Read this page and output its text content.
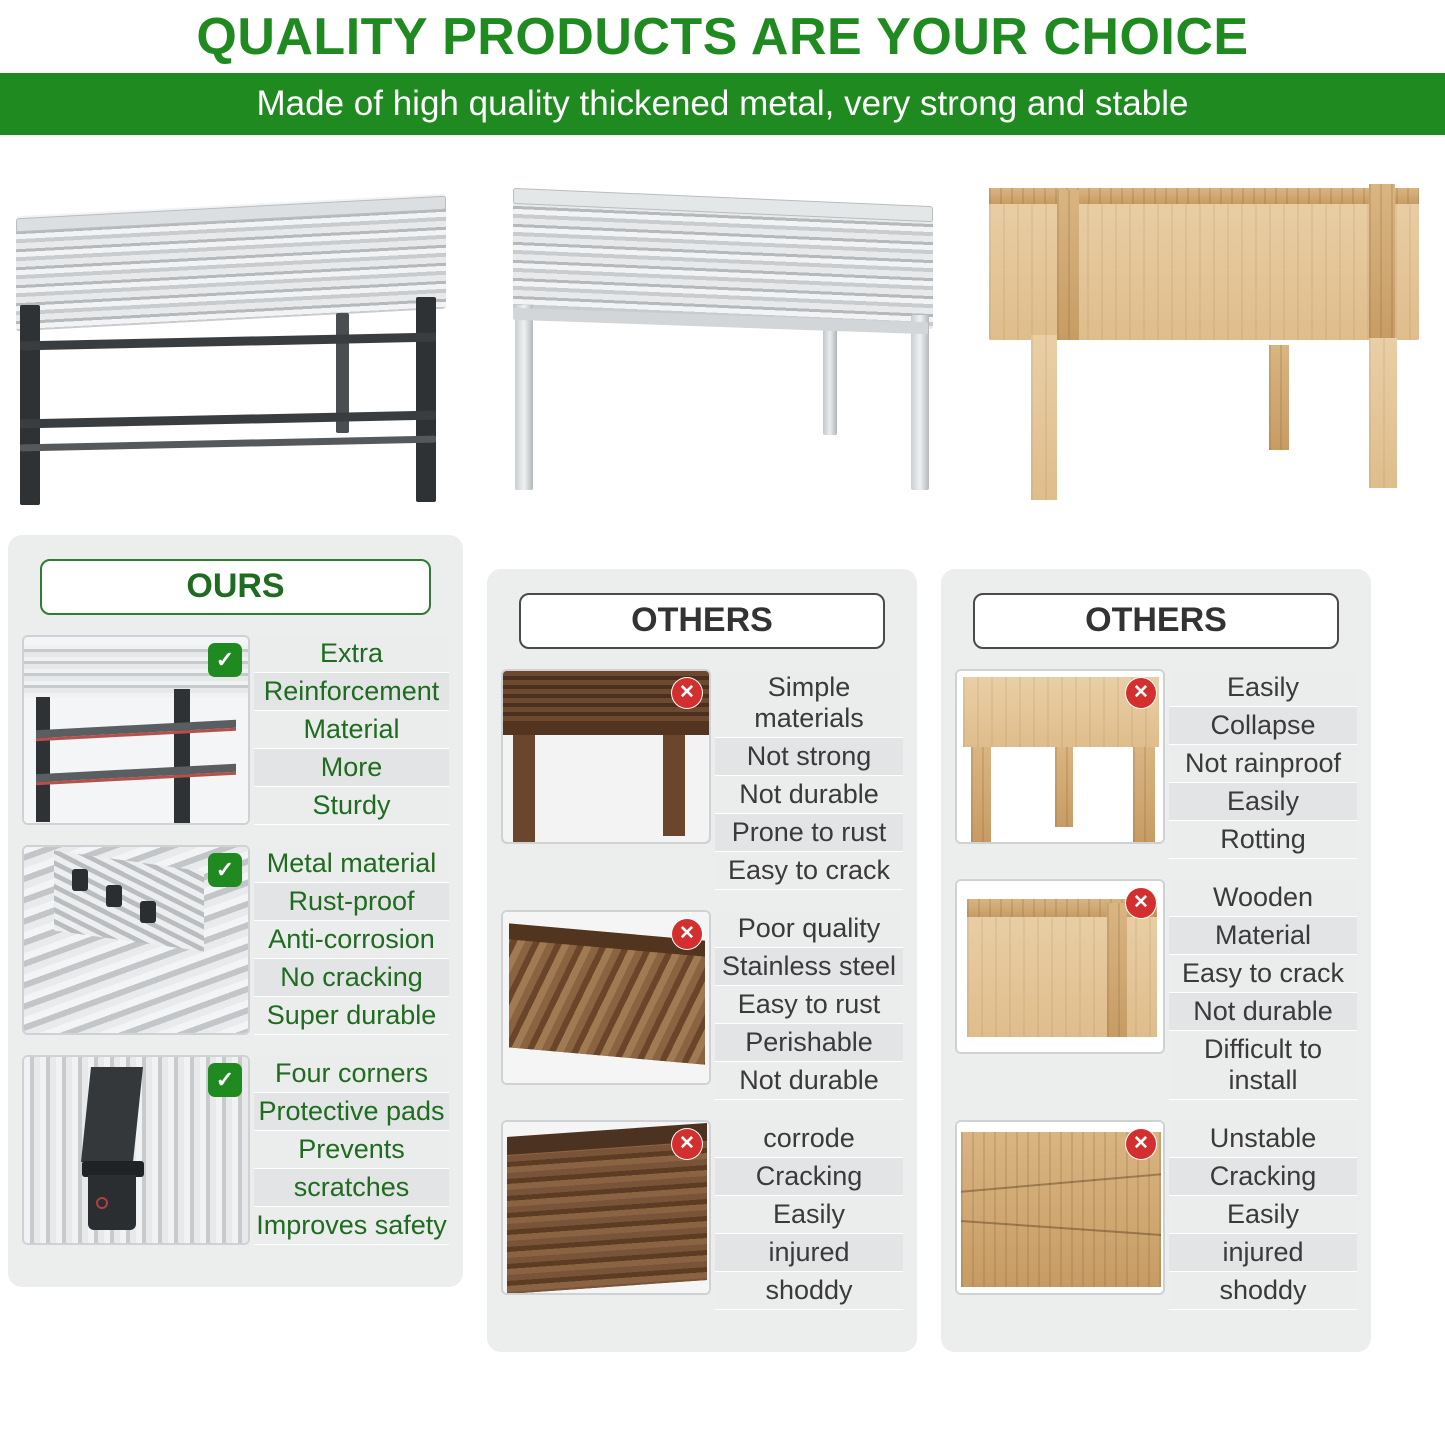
QUALITY PRODUCTS ARE YOUR CHOICE
Made of high quality thickened metal, very strong and stable
OURS
✓	Extra
Reinforcement
Material
More
Sturdy
✓	Metal material
Rust-proof
Anti-corrosion
No cracking
Super durable
✓	Four corners
Protective pads
Prevents
scratches
Improves safety
OTHERS
Simple materials
Not strong
Not durable
Prone to rust
Easy to crack
Poor quality
Stainless steel
Easy to rust
Perishable
Not durable
corrode
Cracking
Easily
injured
shoddy
OTHERS
Easily
Collapse
Not rainproof
Easily
Rotting
Wooden
Material
Easy to crack
Not durable
Difficult to install
Unstable
Cracking
Easily
injured
shoddy
